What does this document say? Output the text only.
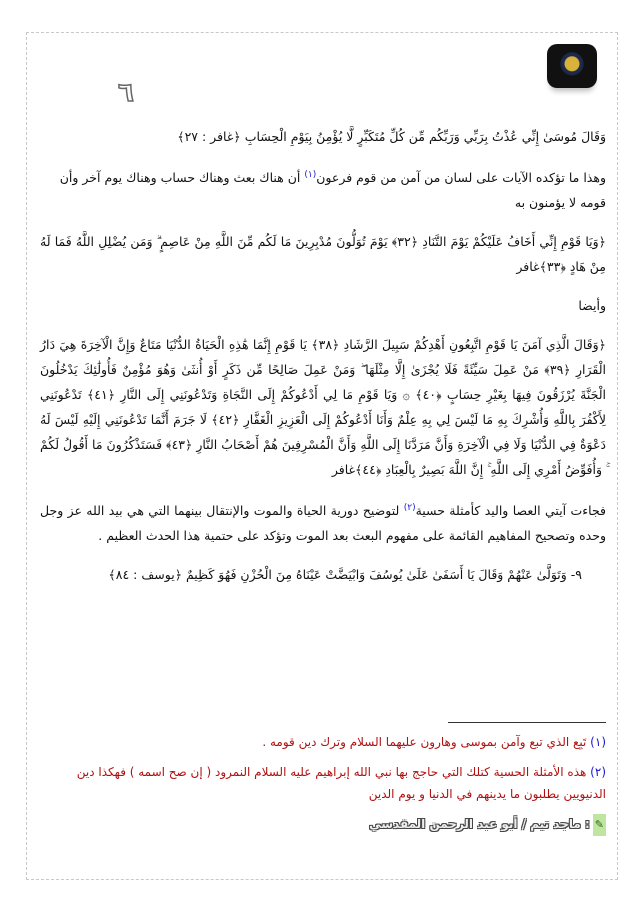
٦

وَقَالَ مُوسَىٰ إِنِّي عُذْتُ بِرَبِّي وَرَبِّكُم مِّن كُلِّ مُتَكَبِّرٍ لَّا يُؤْمِنُ بِيَوْمِ الْحِسَابِ ﴿غافر : ٢٧﴾

وهذا ما تؤكده الآيات على لسان من آمن من قوم فرعون$^{(١)}$ أن هناك بعث وهناك حساب وهناك يوم آخر وأن قومه لا يؤمنون به

﴿وَيَا قَوْمِ إِنِّي أَخَافُ عَلَيْكُمْ يَوْمَ التَّنَادِ ﴿٣٢﴾ يَوْمَ تُوَلُّونَ مُدْبِرِينَ مَا لَكُم مِّنَ اللَّهِ مِنْ عَاصِمٍ ۗ وَمَن يُضْلِلِ اللَّهُ فَمَا لَهُ مِنْ هَادٍ ﴿٣٣﴾غافر

وأيضا

﴿وَقَالَ الَّذِي آمَنَ يَا قَوْمِ اتَّبِعُونِ أَهْدِكُمْ سَبِيلَ الرَّشَادِ ﴿٣٨﴾ يَا قَوْمِ إِنَّمَا هَٰذِهِ الْحَيَاةُ الدُّنْيَا مَتَاعٌ وَإِنَّ الْآخِرَةَ هِيَ دَارُ الْقَرَارِ ﴿٣٩﴾ مَنْ عَمِلَ سَيِّئَةً فَلَا يُجْزَىٰ إِلَّا مِثْلَهَا ۖ وَمَنْ عَمِلَ صَالِحًا مِّن ذَكَرٍ أَوْ أُنثَىٰ وَهُوَ مُؤْمِنٌ فَأُولَٰئِكَ يَدْخُلُونَ الْجَنَّةَ يُرْزَقُونَ فِيهَا بِغَيْرِ حِسَابٍ ﴿٤٠﴾ ۞ وَيَا قَوْمِ مَا لِي أَدْعُوكُمْ إِلَى النَّجَاةِ وَتَدْعُونَنِي إِلَى النَّارِ ﴿٤١﴾ تَدْعُونَنِي لِأَكْفُرَ بِاللَّهِ وَأُشْرِكَ بِهِ مَا لَيْسَ لِي بِهِ عِلْمٌ وَأَنَا أَدْعُوكُمْ إِلَى الْعَزِيزِ الْغَفَّارِ ﴿٤٢﴾ لَا جَرَمَ أَنَّمَا تَدْعُونَنِي إِلَيْهِ لَيْسَ لَهُ دَعْوَةٌ فِي الدُّنْيَا وَلَا فِي الْآخِرَةِ وَأَنَّ مَرَدَّنَا إِلَى اللَّهِ وَأَنَّ الْمُسْرِفِينَ هُمْ أَصْحَابُ النَّارِ ﴿٤٣﴾ فَسَتَذْكُرُونَ مَا أَقُولُ لَكُمْ ۚ وَأُفَوِّضُ أَمْرِي إِلَى اللَّهِ ۚ إِنَّ اللَّهَ بَصِيرٌ بِالْعِبَادِ ﴿٤٤﴾غافر

فجاءت آيتي العصا واليد كأمثلة حسية$^{(٢)}$ لتوضيح دورية الحياة والموت والإنتقال بينهما التي هي بيد الله عز وجل وحده وتصحيح المفاهيم القائمة على مفهوم البعث بعد الموت وتؤكد على حتمية هذا الحدث العظيم .

٩- وَتَوَلَّىٰ عَنْهُمْ وَقَالَ يَا أَسَفَىٰ عَلَىٰ يُوسُفَ وَابْيَضَّتْ عَيْنَاهُ مِنَ الْحُزْنِ فَهُوَ كَظِيمٌ ﴿يوسف : ٨٤﴾

(١) تَبِع الذي تبع وآمن بموسى وهارون عليهما السلام وترك دين قومه .
(٢) هذه الأمثلة الحسية كتلك التي حاجج بها نبي الله إبراهيم عليه السلام النمرود ( إن صح اسمه ) فهكذا دين الدنيويين يطلبون ما يدينهم في الدنيا و يوم الدين
✎: ماجد تيم / أبو عبد الرحمن المقدسي
